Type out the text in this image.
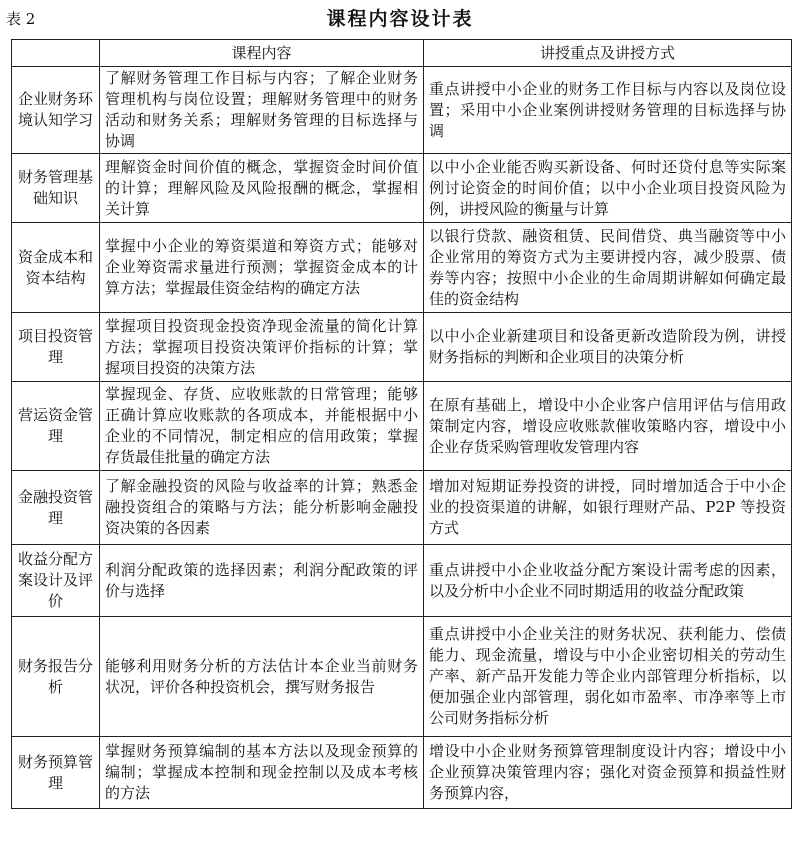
表 2	课程内容设计表
	课程内容	讲授重点及讲授方式
企业财务环境认知学习	了解财务管理工作目标与内容；了解企业财务管理机构与岗位设置；理解财务管理中的财务活动和财务关系；理解财务管理的目标选择与协调	重点讲授中小企业的财务工作目标与内容以及岗位设置；采用中小企业案例讲授财务管理的目标选择与协调
财务管理基础知识	理解资金时间价值的概念，掌握资金时间价值的计算；理解风险及风险报酬的概念，掌握相关计算	以中小企业能否购买新设备、何时还贷付息等实际案例讨论资金的时间价值；以中小企业项目投资风险为例，讲授风险的衡量与计算
资金成本和资本结构	掌握中小企业的筹资渠道和筹资方式；能够对企业筹资需求量进行预测；掌握资金成本的计算方法；掌握最佳资金结构的确定方法	以银行贷款、融资租赁、民间借贷、典当融资等中小企业常用的筹资方式为主要讲授内容，减少股票、债券等内容；按照中小企业的生命周期讲解如何确定最佳的资金结构
项目投资管理	掌握项目投资现金投资净现金流量的简化计算方法；掌握项目投资决策评价指标的计算；掌握项目投资的决策方法	以中小企业新建项目和设备更新改造阶段为例，讲授财务指标的判断和企业项目的决策分析
营运资金管理	掌握现金、存货、应收账款的日常管理；能够正确计算应收账款的各项成本，并能根据中小企业的不同情况，制定相应的信用政策；掌握存货最佳批量的确定方法	在原有基础上，增设中小企业客户信用评估与信用政策制定内容，增设应收账款催收策略内容，增设中小企业存货采购管理收发管理内容
金融投资管理	了解金融投资的风险与收益率的计算；熟悉金融投资组合的策略与方法；能分析影响金融投资决策的各因素	增加对短期证券投资的讲授，同时增加适合于中小企业的投资渠道的讲解，如银行理财产品、P2P 等投资方式
收益分配方案设计及评价	利润分配政策的选择因素；利润分配政策的评价与选择	重点讲授中小企业收益分配方案设计需考虑的因素，以及分析中小企业不同时期适用的收益分配政策
财务报告分析	能够利用财务分析的方法估计本企业当前财务状况，评价各种投资机会，撰写财务报告	重点讲授中小企业关注的财务状况、获利能力、偿债能力、现金流量，增设与中小企业密切相关的劳动生产率、新产品开发能力等企业内部管理分析指标，以便加强企业内部管理，弱化如市盈率、市净率等上市公司财务指标分析
财务预算管理	掌握财务预算编制的基本方法以及现金预算的编制；掌握成本控制和现金控制以及成本考核的方法	增设中小企业财务预算管理制度设计内容；增设中小企业预算决策管理内容；强化对资金预算和损益性财务预算内容，
